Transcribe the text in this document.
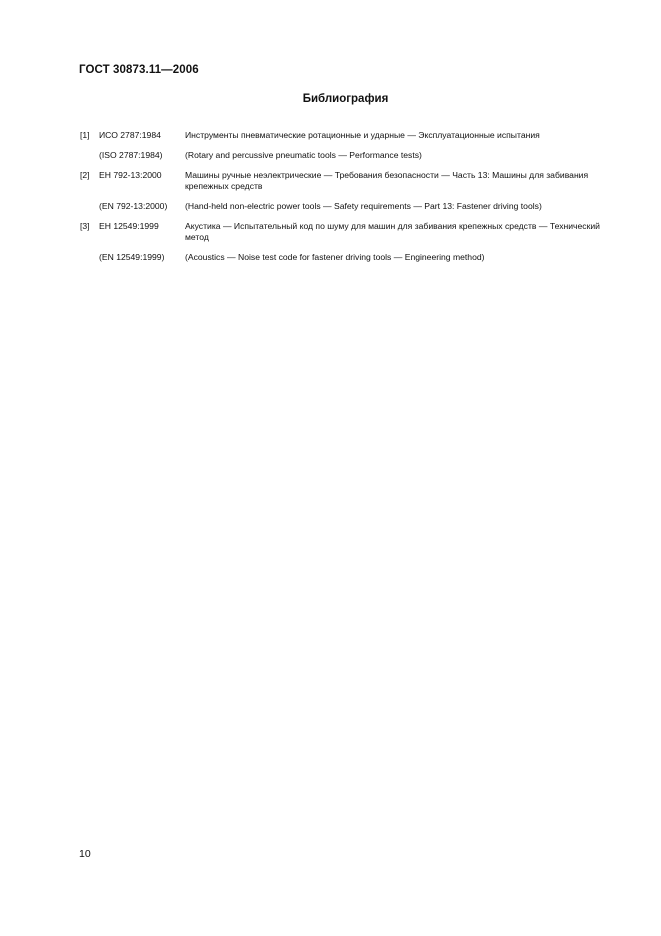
ГОСТ 30873.11—2006
Библиография
[1]	ИСО 2787:1984	Инструменты пневматические ротационные и ударные — Эксплуатационные испытания
(ISO 2787:1984)	(Rotary and percussive pneumatic tools — Performance tests)
[2]	ЕН 792-13:2000	Машины ручные неэлектрические — Требования безопасности — Часть 13: Машины для забивания крепежных средств
(EN 792-13:2000)	(Hand-held non-electric power tools — Safety requirements — Part 13: Fastener driving tools)
[3]	ЕН 12549:1999	Акустика — Испытательный код по шуму для машин для забивания крепежных средств — Технический метод
(EN 12549:1999)	(Acoustics — Noise test code for fastener driving tools — Engineering method)
10
